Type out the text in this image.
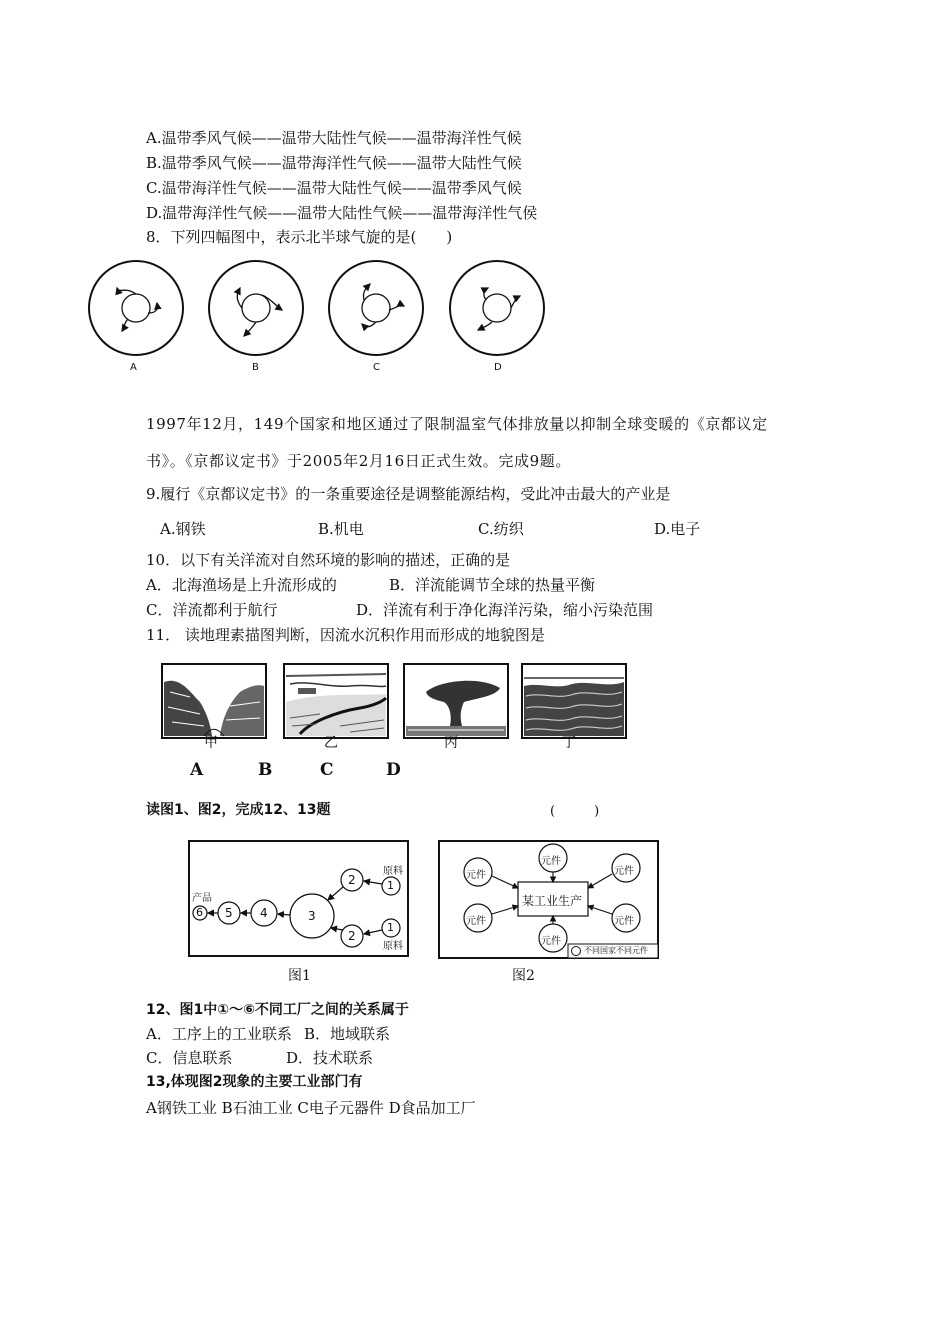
A.温带季风气候——温带大陆性气候——温带海洋性气候
B.温带季风气候——温带海洋性气候——温带大陆性气候
C.温带海洋性气候——温带大陆性气候——温带季风气候
D.温带海洋性气候——温带大陆性气候——温带海洋性气侯
8．下列四幅图中，表示北半球气旋的是(　　)
A	B	C	D
1997年12月，149个国家和地区通过了限制温室气体排放量以抑制全球变暖的《京都议定
书》。《京都议定书》于2005年2月16日正式生效。完成9题。
9.履行《京都议定书》的一条重要途径是调整能源结构，受此冲击最大的产业是
A.钢铁	B.机电	C.纺织	D.电子
10．以下有关洋流对自然环境的影响的描述，正确的是
A．北海渔场是上升流形成的	B．洋流能调节全球的热量平衡
C．洋流都利于航行	D．洋流有利于净化海洋污染，缩小污染范围
11． 读地理素描图判断，因流水沉积作用而形成的地貌图是
甲	乙	丙	丁
A	B	C	D
读图1、图2，完成12、13题	(　　　)
6 5 4	3
2	1
2
1
产品
原料
原料
图1
某工业生产
元件
元件
元件
元件
元件
元件
不同国家不同元件
图2
12、图1中①～⑥不同工厂之间的关系属于
A．工序上的工业联系 B．地域联系
C．信息联系	D．技术联系
13,体现图2现象的主要工业部门有
A钢铁工业 B石油工业 C电子元器件 D食品加工厂
